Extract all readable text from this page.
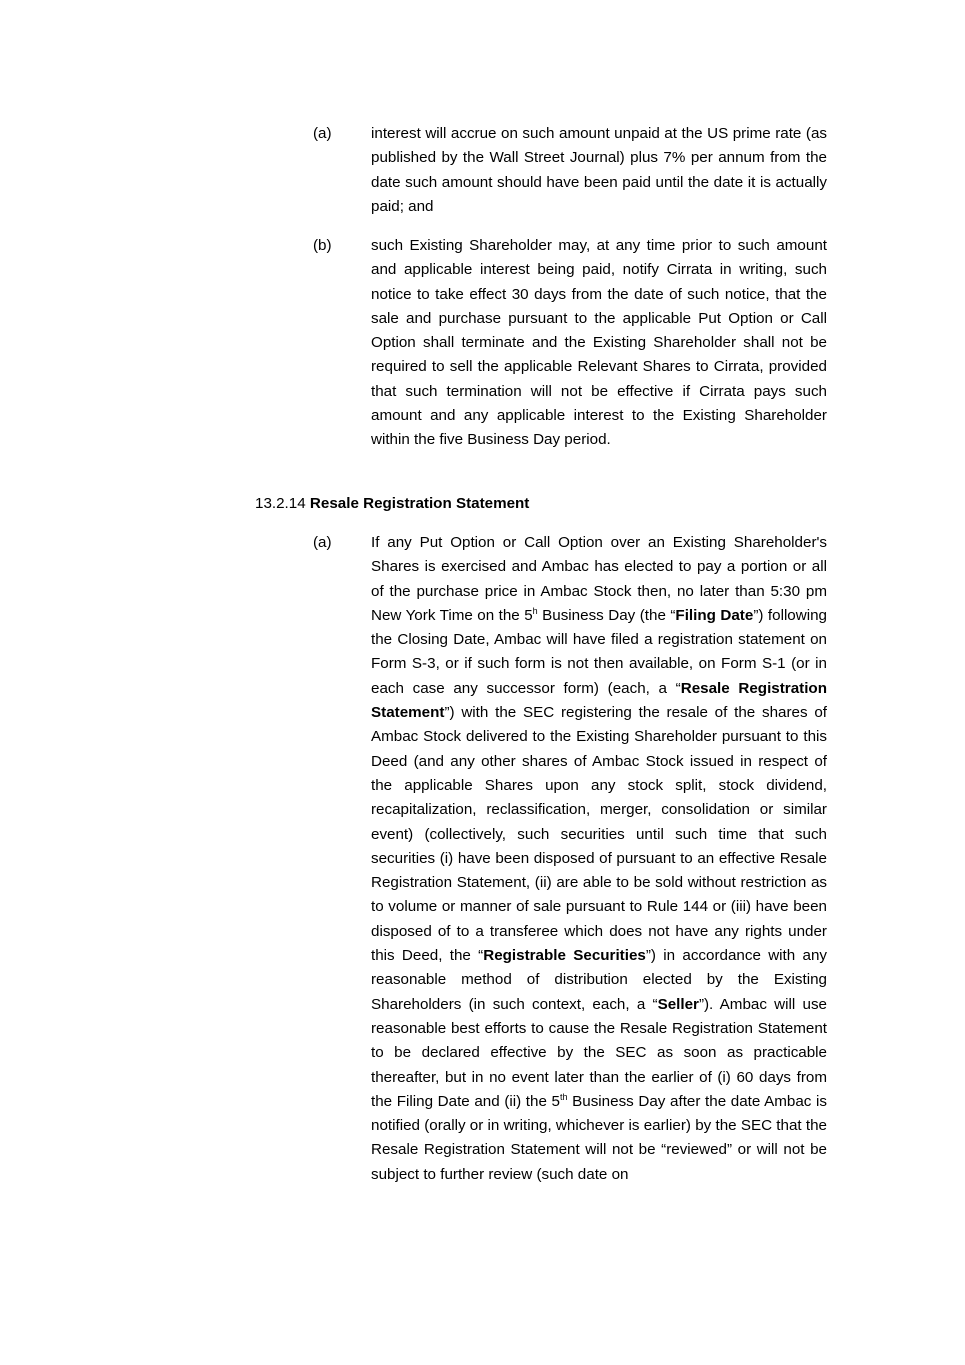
(a)	interest will accrue on such amount unpaid at the US prime rate (as published by the Wall Street Journal) plus 7% per annum from the date such amount should have been paid until the date it is actually paid; and
(b)	such Existing Shareholder may, at any time prior to such amount and applicable interest being paid, notify Cirrata in writing, such notice to take effect 30 days from the date of such notice, that the sale and purchase pursuant to the applicable Put Option or Call Option shall terminate and the Existing Shareholder shall not be required to sell the applicable Relevant Shares to Cirrata, provided that such termination will not be effective if Cirrata pays such amount and any applicable interest to the Existing Shareholder within the five Business Day period.
13.2.14 Resale Registration Statement
(a)	If any Put Option or Call Option over an Existing Shareholder's Shares is exercised and Ambac has elected to pay a portion or all of the purchase price in Ambac Stock then, no later than 5:30 pm New York Time on the 5$^h$ Business Day (the “Filing Date”) following the Closing Date, Ambac will have filed a registration statement on Form S-3, or if such form is not then available, on Form S-1 (or in each case any successor form) (each, a “Resale Registration Statement”) with the SEC registering the resale of the shares of Ambac Stock delivered to the Existing Shareholder pursuant to this Deed (and any other shares of Ambac Stock issued in respect of the applicable Shares upon any stock split, stock dividend, recapitalization, reclassification, merger, consolidation or similar event) (collectively, such securities until such time that such securities (i) have been disposed of pursuant to an effective Resale Registration Statement, (ii) are able to be sold without restriction as to volume or manner of sale pursuant to Rule 144 or (iii) have been disposed of to a transferee which does not have any rights under this Deed, the “Registrable Securities”) in accordance with any reasonable method of distribution elected by the Existing Shareholders (in such context, each, a “Seller”). Ambac will use reasonable best efforts to cause the Resale Registration Statement to be declared effective by the SEC as soon as practicable thereafter, but in no event later than the earlier of (i) 60 days from the Filing Date and (ii) the 5th Business Day after the date Ambac is notified (orally or in writing, whichever is earlier) by the SEC that the Resale Registration Statement will not be “reviewed” or will not be subject to further review (such date on
